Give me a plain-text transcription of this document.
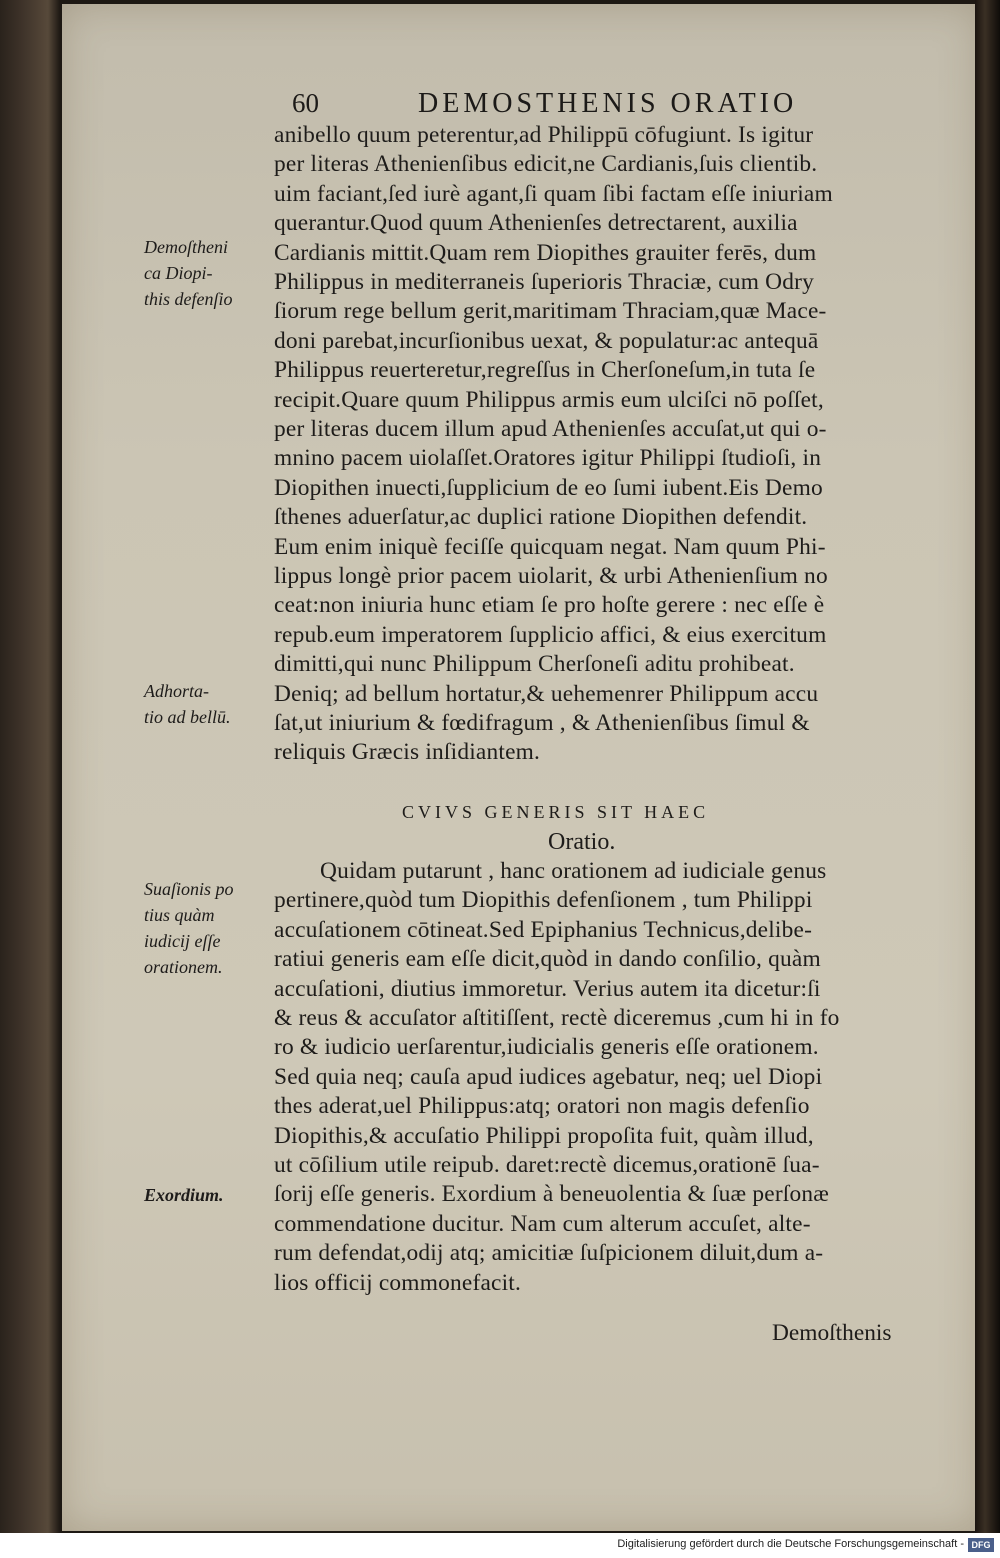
60	DEMOSTHENIS ORATIO
anibello quum peterentur,ad Philippū cōfugiunt. Is igitur
per literas Athenienſibus edicit,ne Cardianis,ſuis clientib.
uim faciant,ſed iurè agant,ſi quam ſibi factam eſſe iniuriam
querantur.Quod quum Athenienſes detrectarent, auxilia
Cardianis mittit.Quam rem Diopithes grauiter ferēs, dum
Philippus in mediterraneis ſuperioris Thraciæ, cum Odry
ſiorum rege bellum gerit,maritimam Thraciam,quæ Mace-
doni parebat,incurſionibus uexat, & populatur:ac antequā
Philippus reuerteretur,regreſſus in Cherſoneſum,in tuta ſe
recipit.Quare quum Philippus armis eum ulciſci nō poſſet,
per literas ducem illum apud Athenienſes accuſat,ut qui o-
mnino pacem uiolaſſet.Oratores igitur Philippi ſtudioſi, in
Diopithen inuecti,ſupplicium de eo ſumi iubent.Eis Demo
ſthenes aduerſatur,ac duplici ratione Diopithen defendit.
Eum enim iniquè feciſſe quicquam negat. Nam quum Phi-
lippus longè prior pacem uiolarit, & urbi Athenienſium no
ceat:non iniuria hunc etiam ſe pro hoſte gerere : nec eſſe è
repub.eum imperatorem ſupplicio affici, & eius exercitum
dimitti,qui nunc Philippum Cherſoneſi aditu prohibeat.
Deniq; ad bellum hortatur,& uehemenrer Philippum accu
ſat,ut iniurium & fœdifragum , & Athenienſibus ſimul &
reliquis Græcis inſidiantem.
CVIVS GENERIS SIT HAEC
Oratio.
Quidam putarunt , hanc orationem ad iudiciale genus
pertinere,quòd tum Diopithis defenſionem , tum Philippi
accuſationem cōtineat.Sed Epiphanius Technicus,delibe-
ratiui generis eam eſſe dicit,quòd in dando conſilio, quàm
accuſationi, diutius immoretur. Verius autem ita dicetur:ſi
& reus & accuſator aſtitiſſent, rectè diceremus ,cum hi in fo
ro & iudicio uerſarentur,iudicialis generis eſſe orationem.
Sed quia neq; cauſa apud iudices agebatur, neq; uel Diopi
thes aderat,uel Philippus:atq; oratori non magis defenſio
Diopithis,& accuſatio Philippi propoſita fuit, quàm illud,
ut cōſilium utile reipub. daret:rectè dicemus,orationē ſua-
ſorij eſſe generis. Exordium à beneuolentia & ſuæ perſonæ
commendatione ducitur. Nam cum alterum accuſet, alte-
rum defendat,odij atq; amicitiæ ſuſpicionem diluit,dum a-
lios officij commonefacit.
Demoſtheni
ca Diopi-
this defenſio
Adhorta-
tio ad bellū.
Suaſionis po
tius quàm
iudicij eſſe
orationem.
Exordium.
Demoſthenis
Digitalisierung gefördert durch die Deutsche Forschungsgemeinschaft - DFG
